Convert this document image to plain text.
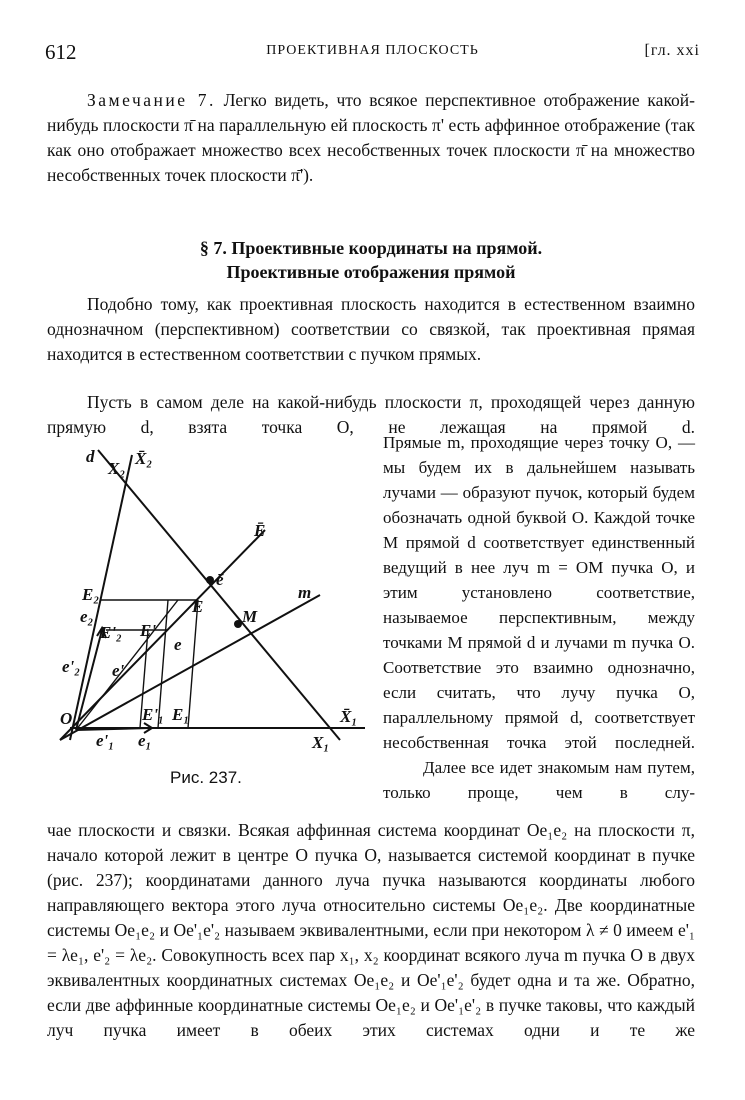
612	ПРОЕКТИВНАЯ ПЛОСКОСТЬ	[гл. xxi

Замечание 7. Легко видеть, что всякое перспективное отображение какой-нибудь плоскости π̄ на параллельную ей плоскость π' есть аффинное отображение (так как оно отображает множество всех несобственных точек плоскости π̄ на множество несобственных точек плоскости π̄').

§ 7. Проективные координаты на прямой.
Проективные отображения прямой

Подобно тому, как проективная плоскость находится в естественном взаимно однозначном (перспективном) соответствии со связкой, так проективная прямая находится в естественном соответствии с пучком прямых.

Пусть в самом деле на какой-нибудь плоскости π, проходящей через данную прямую d, взята точка O, не лежащая на прямой d.

Прямые m, проходящие через точку O, — мы будем их в дальнейшем называть лучами — образуют пучок, который будем обозначать одной буквой O. Каждой точке M прямой d соответствует единственный ведущий в нее луч m = OM пучка O, и этим установлено соответствие, называемое перспективным, между точками M прямой d и лучами m пучка O. Соответствие это взаимно однозначно, если считать, что лучу пучка O, параллельному прямой d, соответствует несобственная точка этой последней.

Далее все идет знакомым нам путем, только проще, чем в слу-

d
X₂
X̄₂
Ē
ē
m
E₂
e₂
E'₂ E'
E
M
e
e'₂ e'
O	E'₁ E₁	X̄₁
X₁
e'₁ e₁
Рис. 237.

чае плоскости и связки. Всякая аффинная система координат Oe₁e₂ на плоскости π, начало которой лежит в центре O пучка O, называется системой координат в пучке (рис. 237); координатами данного луча пучка называются координаты любого направляющего вектора этого луча относительно системы Oe₁e₂. Две координатные системы Oe₁e₂ и Oe'₁e'₂ называем эквивалентными, если при некотором λ ≠ 0 имеем e'₁ = λe₁, e'₂ = λe₂. Совокупность всех пар x₁, x₂ координат всякого луча m пучка O в двух эквивалентных координатных системах Oe₁e₂ и Oe'₁e'₂ будет одна и та же. Обратно, если две аффинные координатные системы Oe₁e₂ и Oe'₁e'₂ в пучке таковы, что каждый луч пучка имеет в обеих этих системах одни и те же
